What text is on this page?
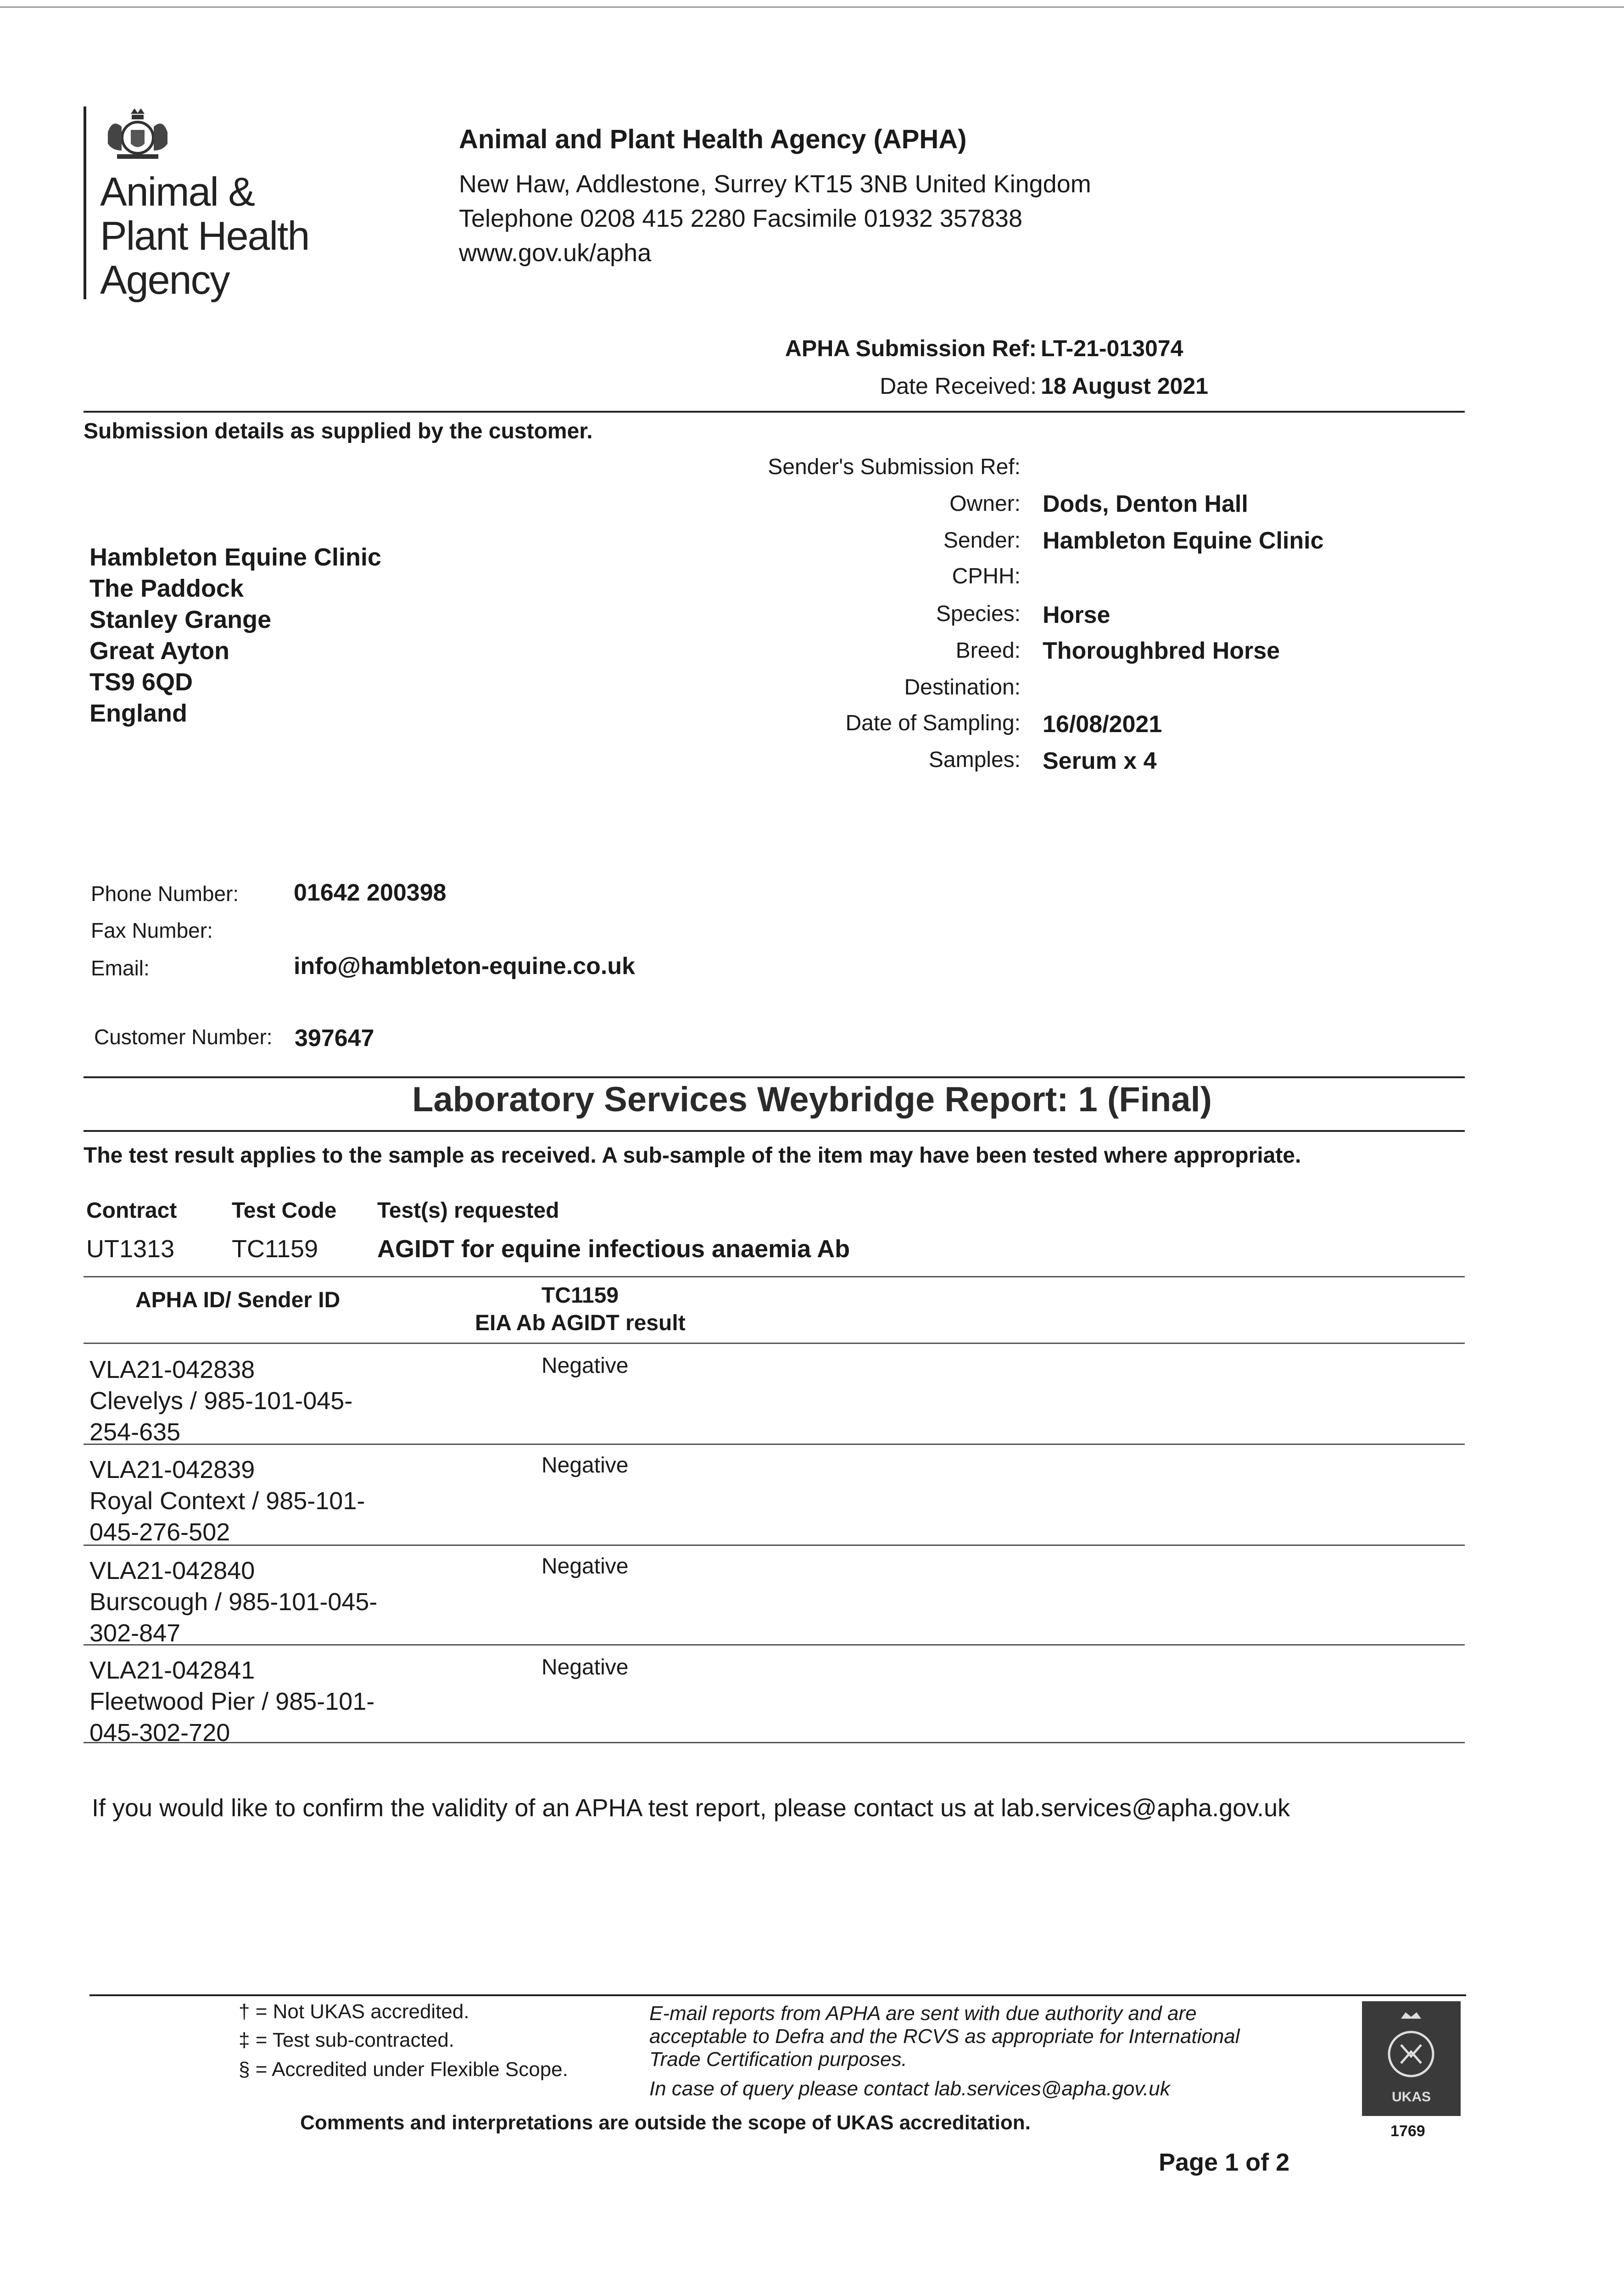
Animal &
Plant Health
Agency
Animal and Plant Health Agency (APHA)
New Haw, Addlestone, Surrey KT15 3NB United Kingdom
Telephone 0208 415 2280 Facsimile 01932 357838
www.gov.uk/apha
APHA Submission Ref: LT-21-013074
Date Received: 18 August 2021
Submission details as supplied by the customer.
Hambleton Equine Clinic
The Paddock
Stanley Grange
Great Ayton
TS9 6QD
England
Sender's Submission Ref:
Owner: Dods, Denton Hall
Sender: Hambleton Equine Clinic
CPHH:
Species: Horse
Breed: Thoroughbred Horse
Destination:
Date of Sampling: 16/08/2021
Samples: Serum x 4
Phone Number: 01642 200398
Fax Number:
Email:	info@hambleton-equine.co.uk
Customer Number: 397647
Laboratory Services Weybridge Report: 1 (Final)
The test result applies to the sample as received. A sub-sample of the item may have been tested where appropriate.
Contract Test Code Test(s) requested
UT1313 TC1159 AGIDT for equine infectious anaemia Ab
APHA ID/ Sender ID	TC1159
EIA Ab AGIDT result
VLA21-042838
Clevelys / 985-101-045-
254-635
Negative
VLA21-042839
Royal Context / 985-101-
045-276-502
Negative
VLA21-042840
Burscough / 985-101-045-
302-847
Negative
VLA21-042841
Fleetwood Pier / 985-101-
045-302-720
Negative
If you would like to confirm the validity of an APHA test report, please contact us at lab.services@apha.gov.uk
† = Not UKAS accredited.
‡ = Test sub-contracted.
§ = Accredited under Flexible Scope.
E-mail reports from APHA are sent with due authority and are
acceptable to Defra and the RCVS as appropriate for International
Trade Certification purposes.
In case of query please contact lab.services@apha.gov.uk
Comments and interpretations are outside the scope of UKAS accreditation.
Page 1 of 2
UKAS
1769
